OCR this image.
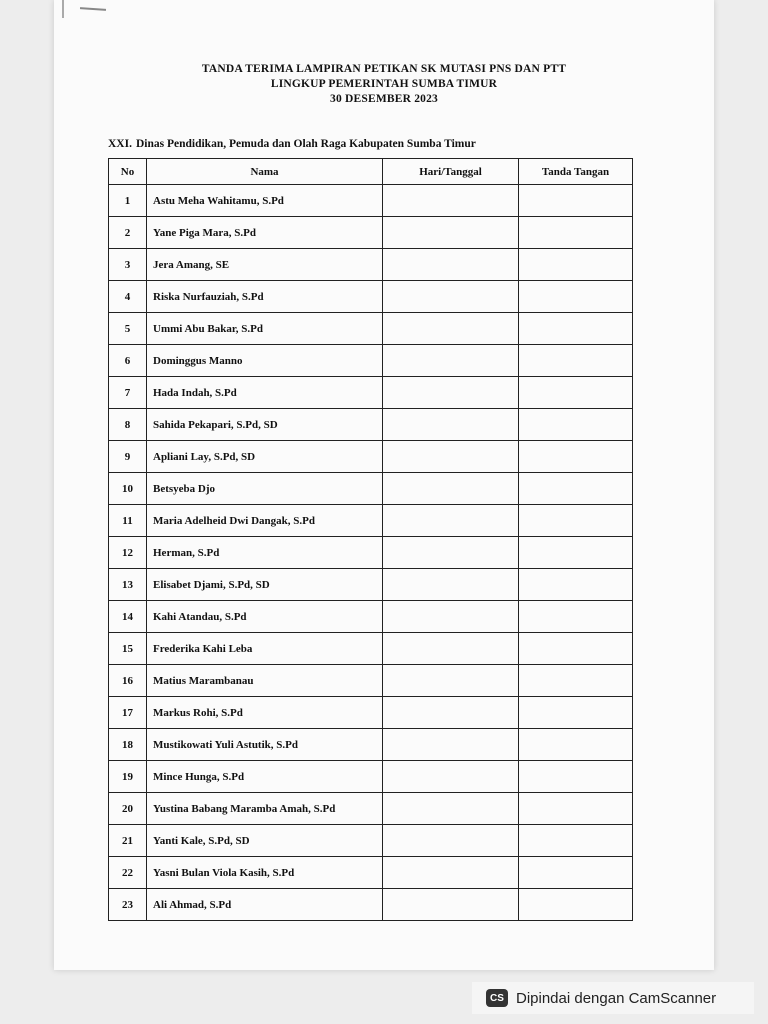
TANDA TERIMA LAMPIRAN PETIKAN SK MUTASI PNS DAN PTT
LINGKUP PEMERINTAH SUMBA TIMUR
30 DESEMBER 2023
XXI. Dinas Pendidikan, Pemuda dan Olah Raga Kabupaten Sumba Timur
No	Nama	Hari/Tanggal	Tanda Tangan
1	Astu Meha Wahitamu, S.Pd		
2	Yane Piga Mara, S.Pd		
3	Jera Amang, SE		
4	Riska Nurfauziah, S.Pd		
5	Ummi Abu Bakar, S.Pd		
6	Dominggus Manno		
7	Hada Indah, S.Pd		
8	Sahida Pekapari, S.Pd, SD		
9	Apliani Lay, S.Pd, SD		
10	Betsyeba Djo		
11	Maria Adelheid Dwi Dangak, S.Pd		
12	Herman, S.Pd		
13	Elisabet Djami, S.Pd, SD		
14	Kahi Atandau, S.Pd		
15	Frederika Kahi Leba		
16	Matius Marambanau		
17	Markus Rohi, S.Pd		
18	Mustikowati Yuli Astutik, S.Pd		
19	Mince Hunga, S.Pd		
20	Yustina Babang Maramba Amah, S.Pd		
21	Yanti Kale, S.Pd, SD		
22	Yasni Bulan Viola Kasih, S.Pd		
23	Ali Ahmad, S.Pd		
CS Dipindai dengan CamScanner
